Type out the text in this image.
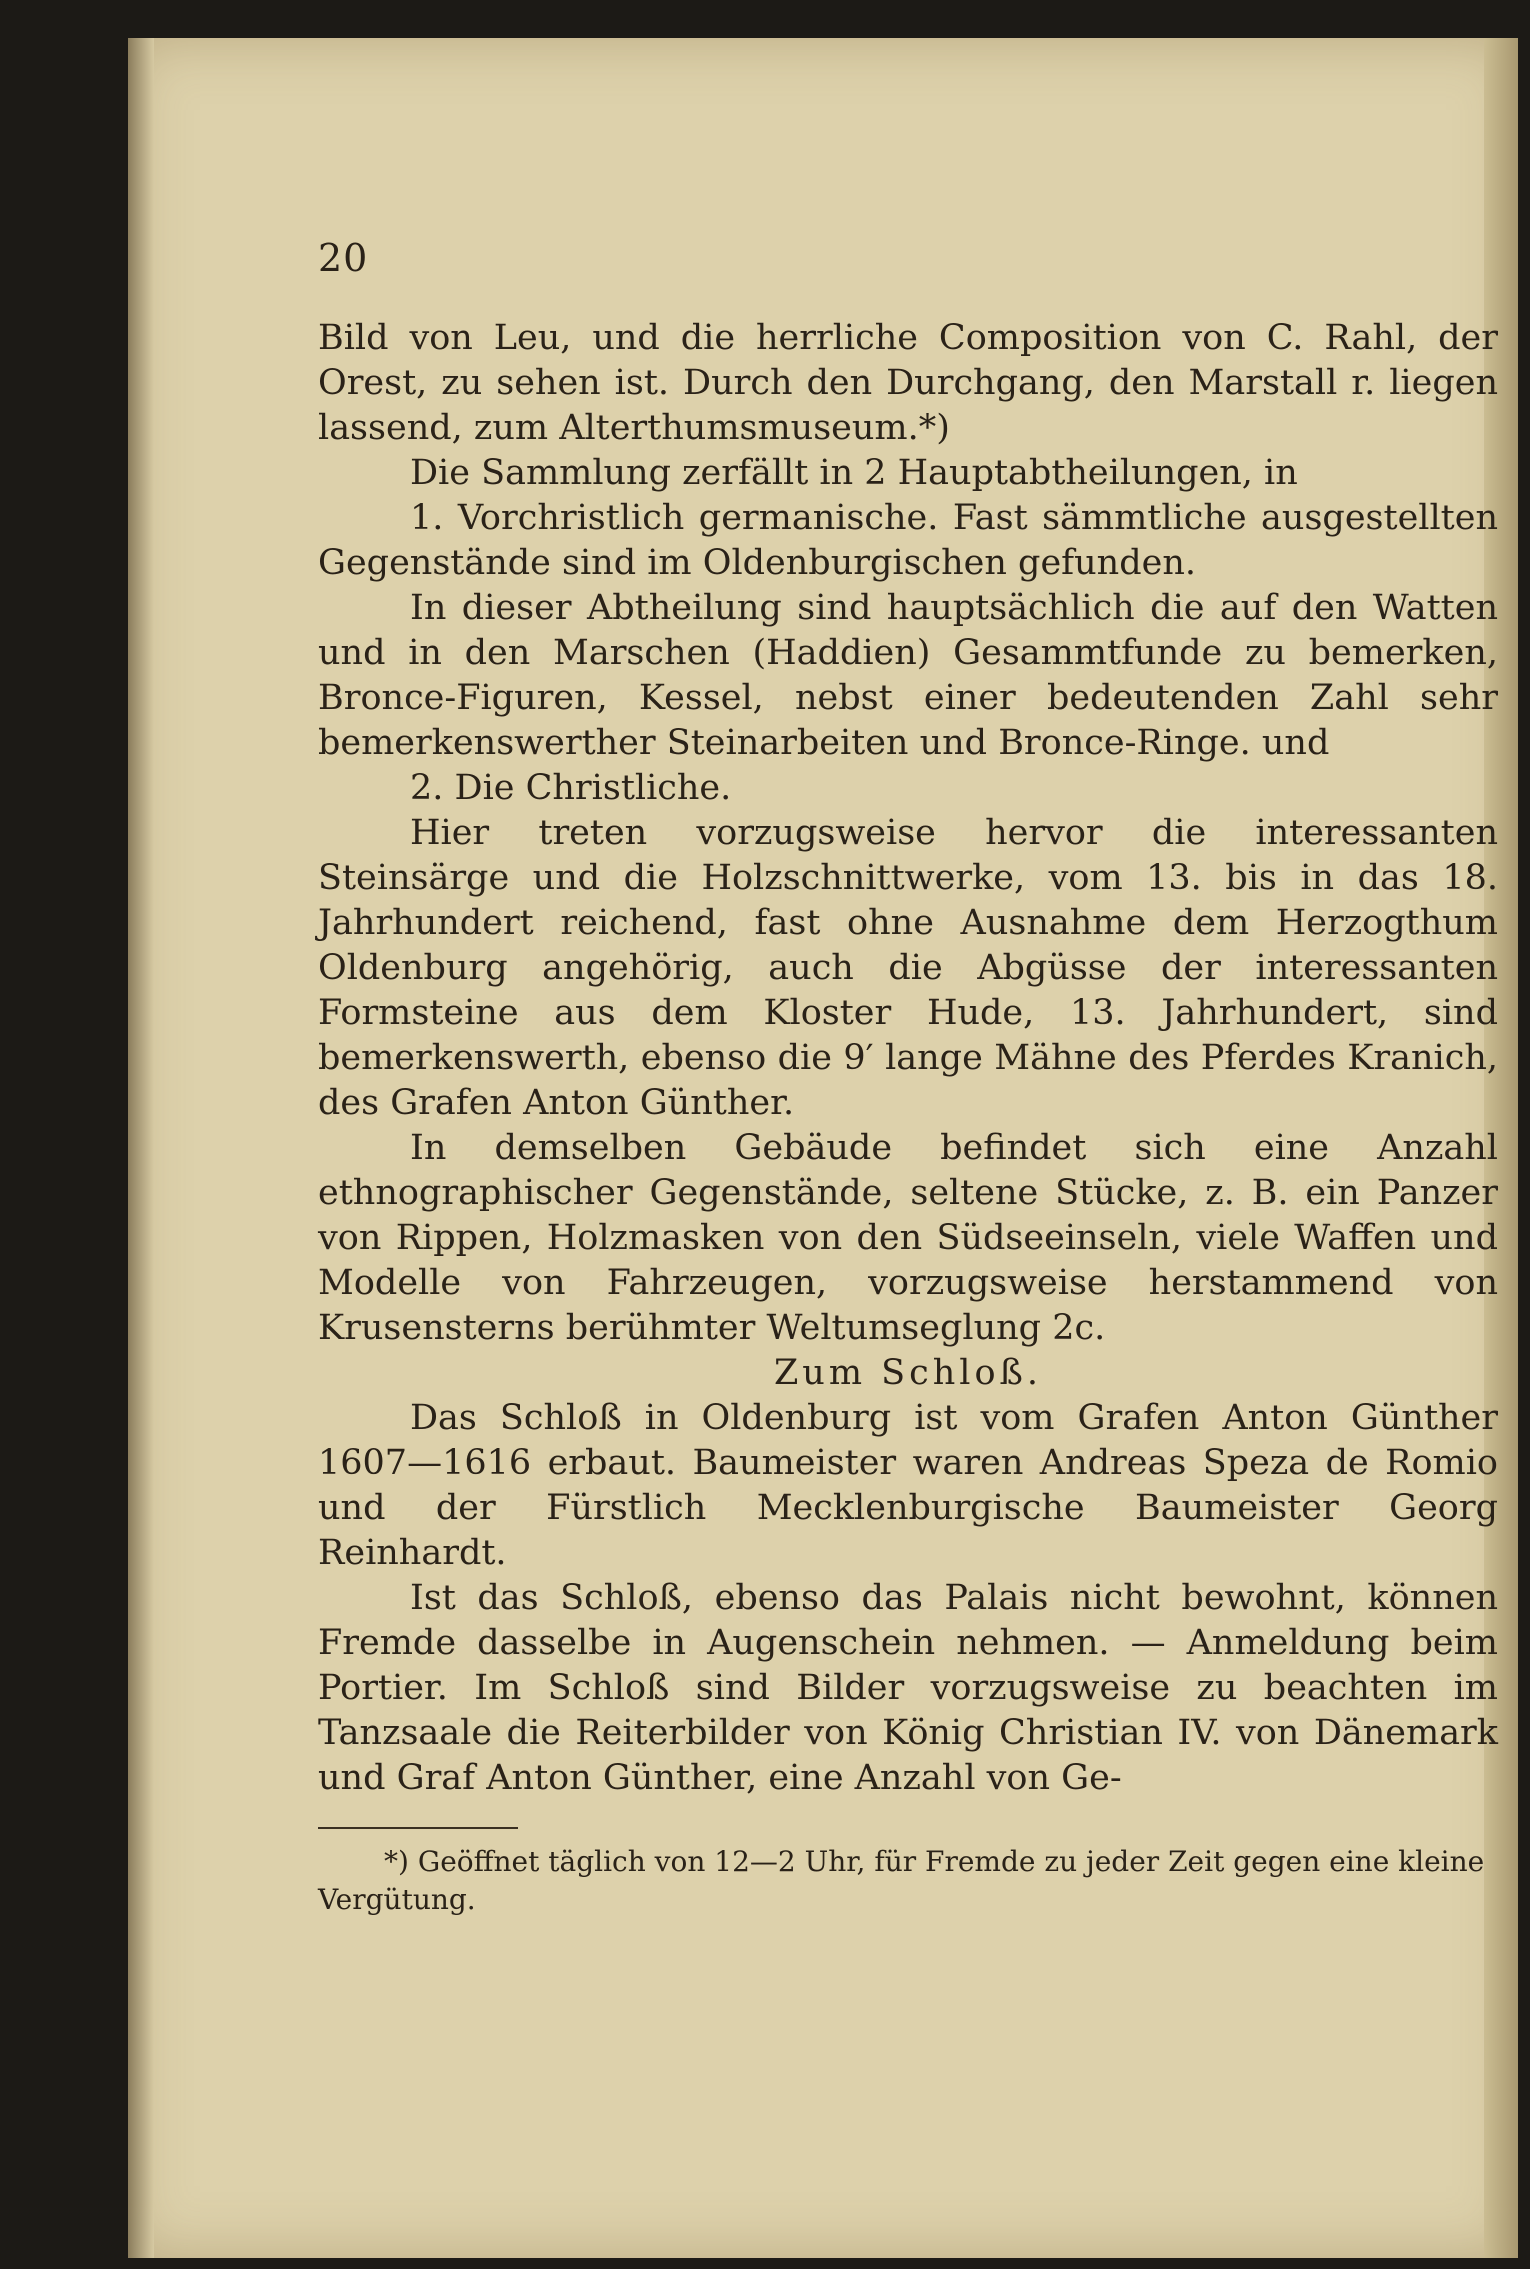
20

Bild von Leu, und die herrliche Composition von C. Rahl, der Orest, zu sehen ist. Durch den Durchgang, den Marstall r. liegen lassend, zum Alterthumsmuseum.*)

Die Sammlung zerfällt in 2 Hauptabtheilungen, in

1. Vorchristlich germanische. Fast sämmtliche ausgestellten Gegenstände sind im Oldenburgischen gefunden.

In dieser Abtheilung sind hauptsächlich die auf den Watten und in den Marschen (Haddien) Gesammtfunde zu bemerken, Bronce-Figuren, Kessel, nebst einer bedeutenden Zahl sehr bemerkenswerther Steinarbeiten und Bronce-Ringe. und

2. Die Christliche.

Hier treten vorzugsweise hervor die interessanten Steinsärge und die Holzschnittwerke, vom 13. bis in das 18. Jahrhundert reichend, fast ohne Ausnahme dem Herzogthum Oldenburg angehörig, auch die Abgüsse der interessanten Formsteine aus dem Kloster Hude, 13. Jahrhundert, sind bemerkenswerth, ebenso die 9′ lange Mähne des Pferdes Kranich, des Grafen Anton Günther.

In demselben Gebäude befindet sich eine Anzahl ethnographischer Gegenstände, seltene Stücke, z. B. ein Panzer von Rippen, Holzmasken von den Südseeinseln, viele Waffen und Modelle von Fahrzeugen, vorzugsweise herstammend von Krusensterns berühmter Weltumseglung 2c.

Zum Schloß.

Das Schloß in Oldenburg ist vom Grafen Anton Günther 1607—1616 erbaut. Baumeister waren Andreas Speza de Romio und der Fürstlich Mecklenburgische Baumeister Georg Reinhardt.

Ist das Schloß, ebenso das Palais nicht bewohnt, können Fremde dasselbe in Augenschein nehmen. — Anmeldung beim Portier. Im Schloß sind Bilder vorzugsweise zu beachten im Tanzsaale die Reiterbilder von König Christian IV. von Dänemark und Graf Anton Günther, eine Anzahl von Ge-

*) Geöffnet täglich von 12—2 Uhr, für Fremde zu jeder Zeit gegen eine kleine Vergütung.
